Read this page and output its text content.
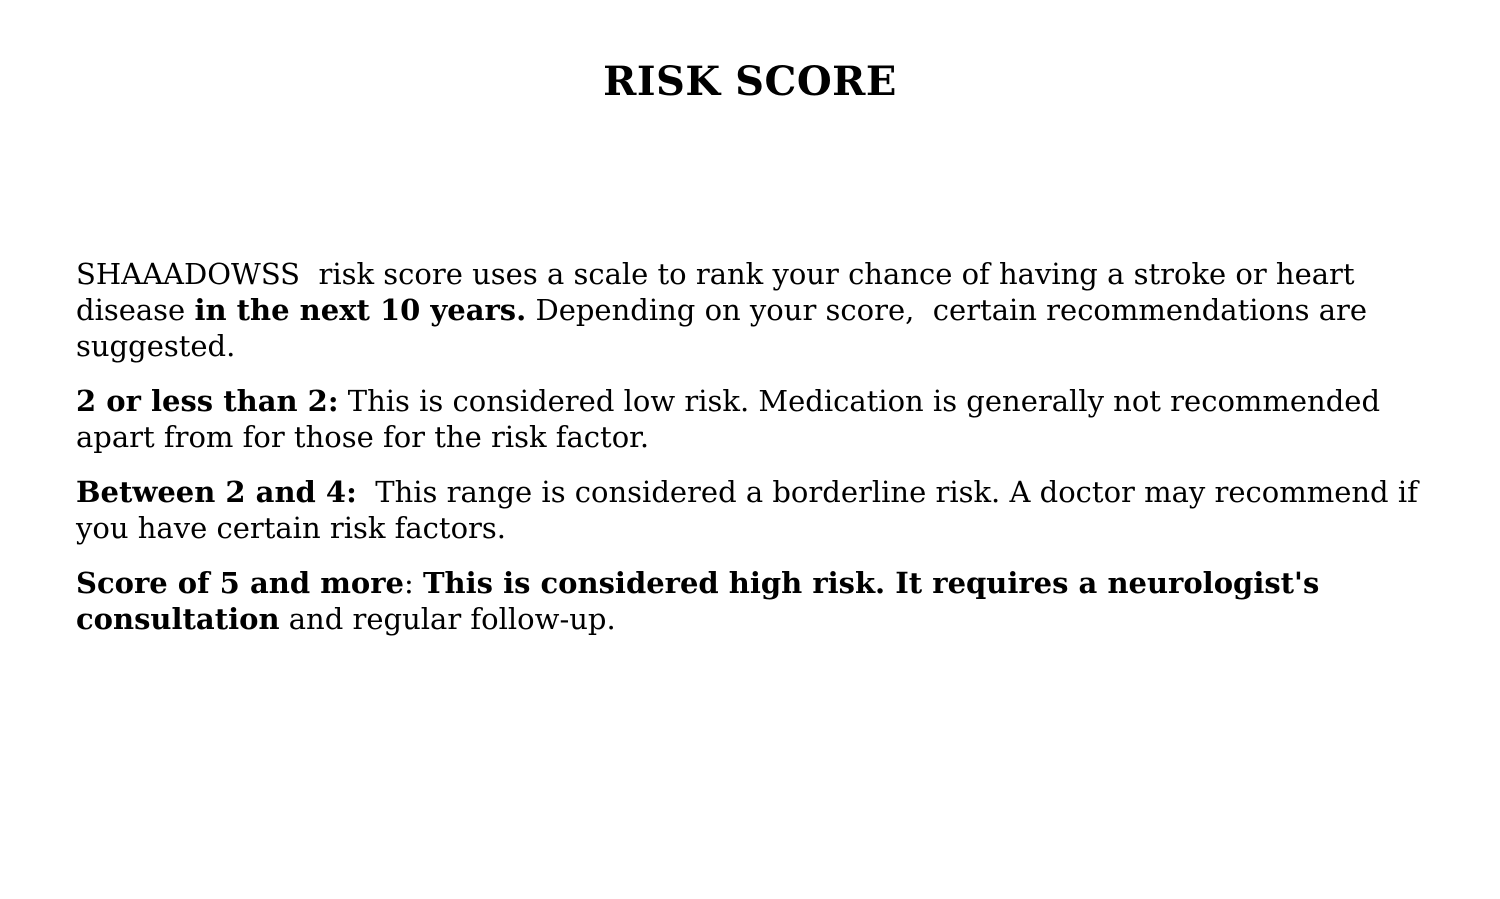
RISK SCORE

SHAAADOWSS  risk score uses a scale to rank your chance of having a stroke or heart disease in the next 10 years. Depending on your score,  certain recommendations are suggested.

2 or less than 2: This is considered low risk. Medication is generally not recommended apart from for those for the risk factor.

Between 2 and 4:  This range is considered a borderline risk. A doctor may recommend if you have certain risk factors.

Score of 5 and more: This is considered high risk. It requires a neurologist's consultation and regular follow-up.
